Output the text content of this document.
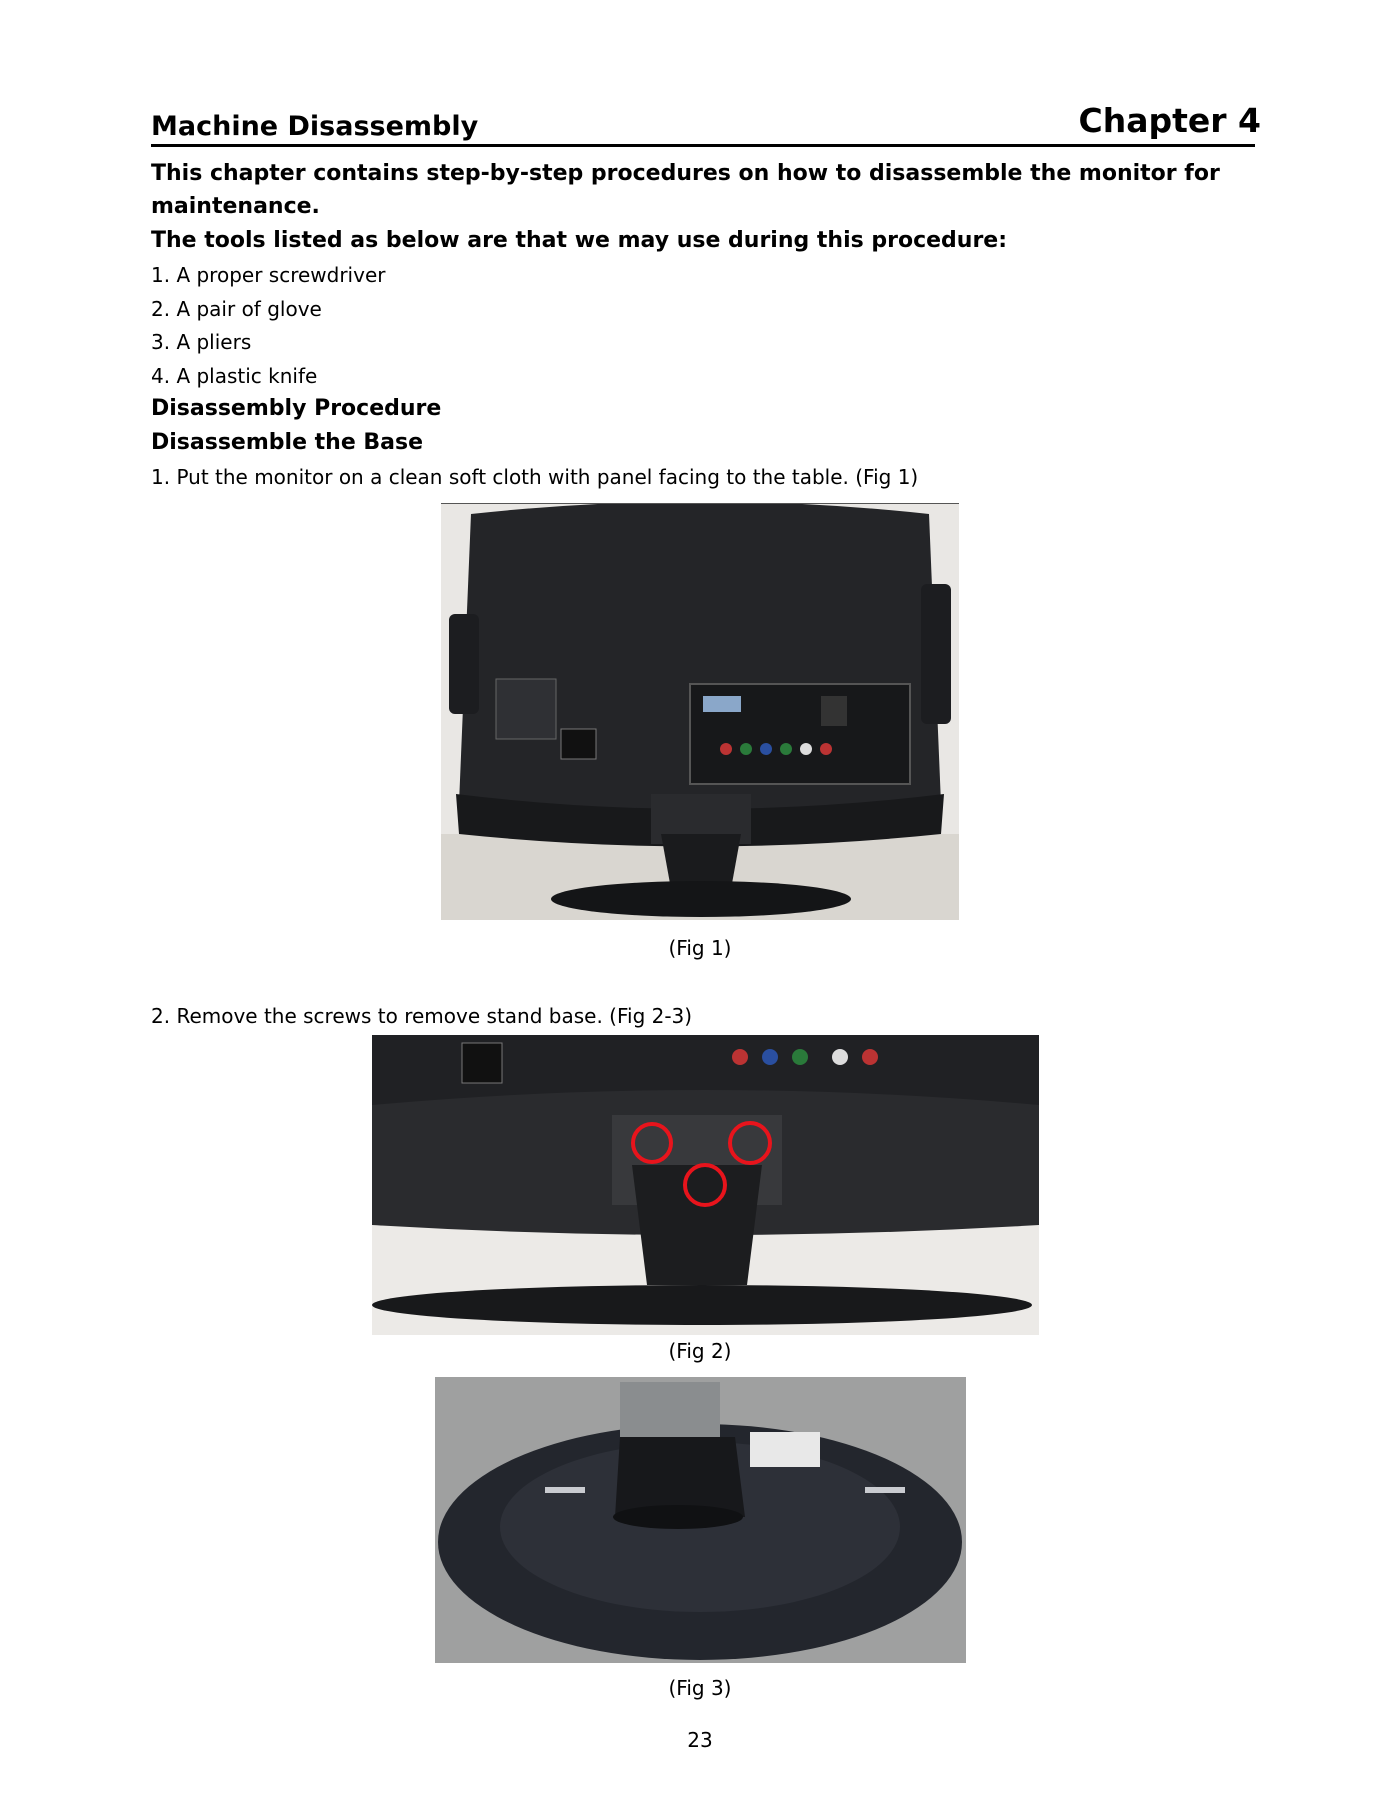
Machine Disassembly	Chapter 4
This chapter contains step-by-step procedures on how to disassemble the monitor for
maintenance.
The tools listed as below are that we may use during this procedure:
1. A proper screwdriver
2. A pair of glove
3. A pliers
4. A plastic knife
Disassembly Procedure
Disassemble the Base
1. Put the monitor on a clean soft cloth with panel facing to the table. (Fig 1)
(Fig 1)
2. Remove the screws to remove stand base. (Fig 2-3)
(Fig 2)
(Fig 3)
23
